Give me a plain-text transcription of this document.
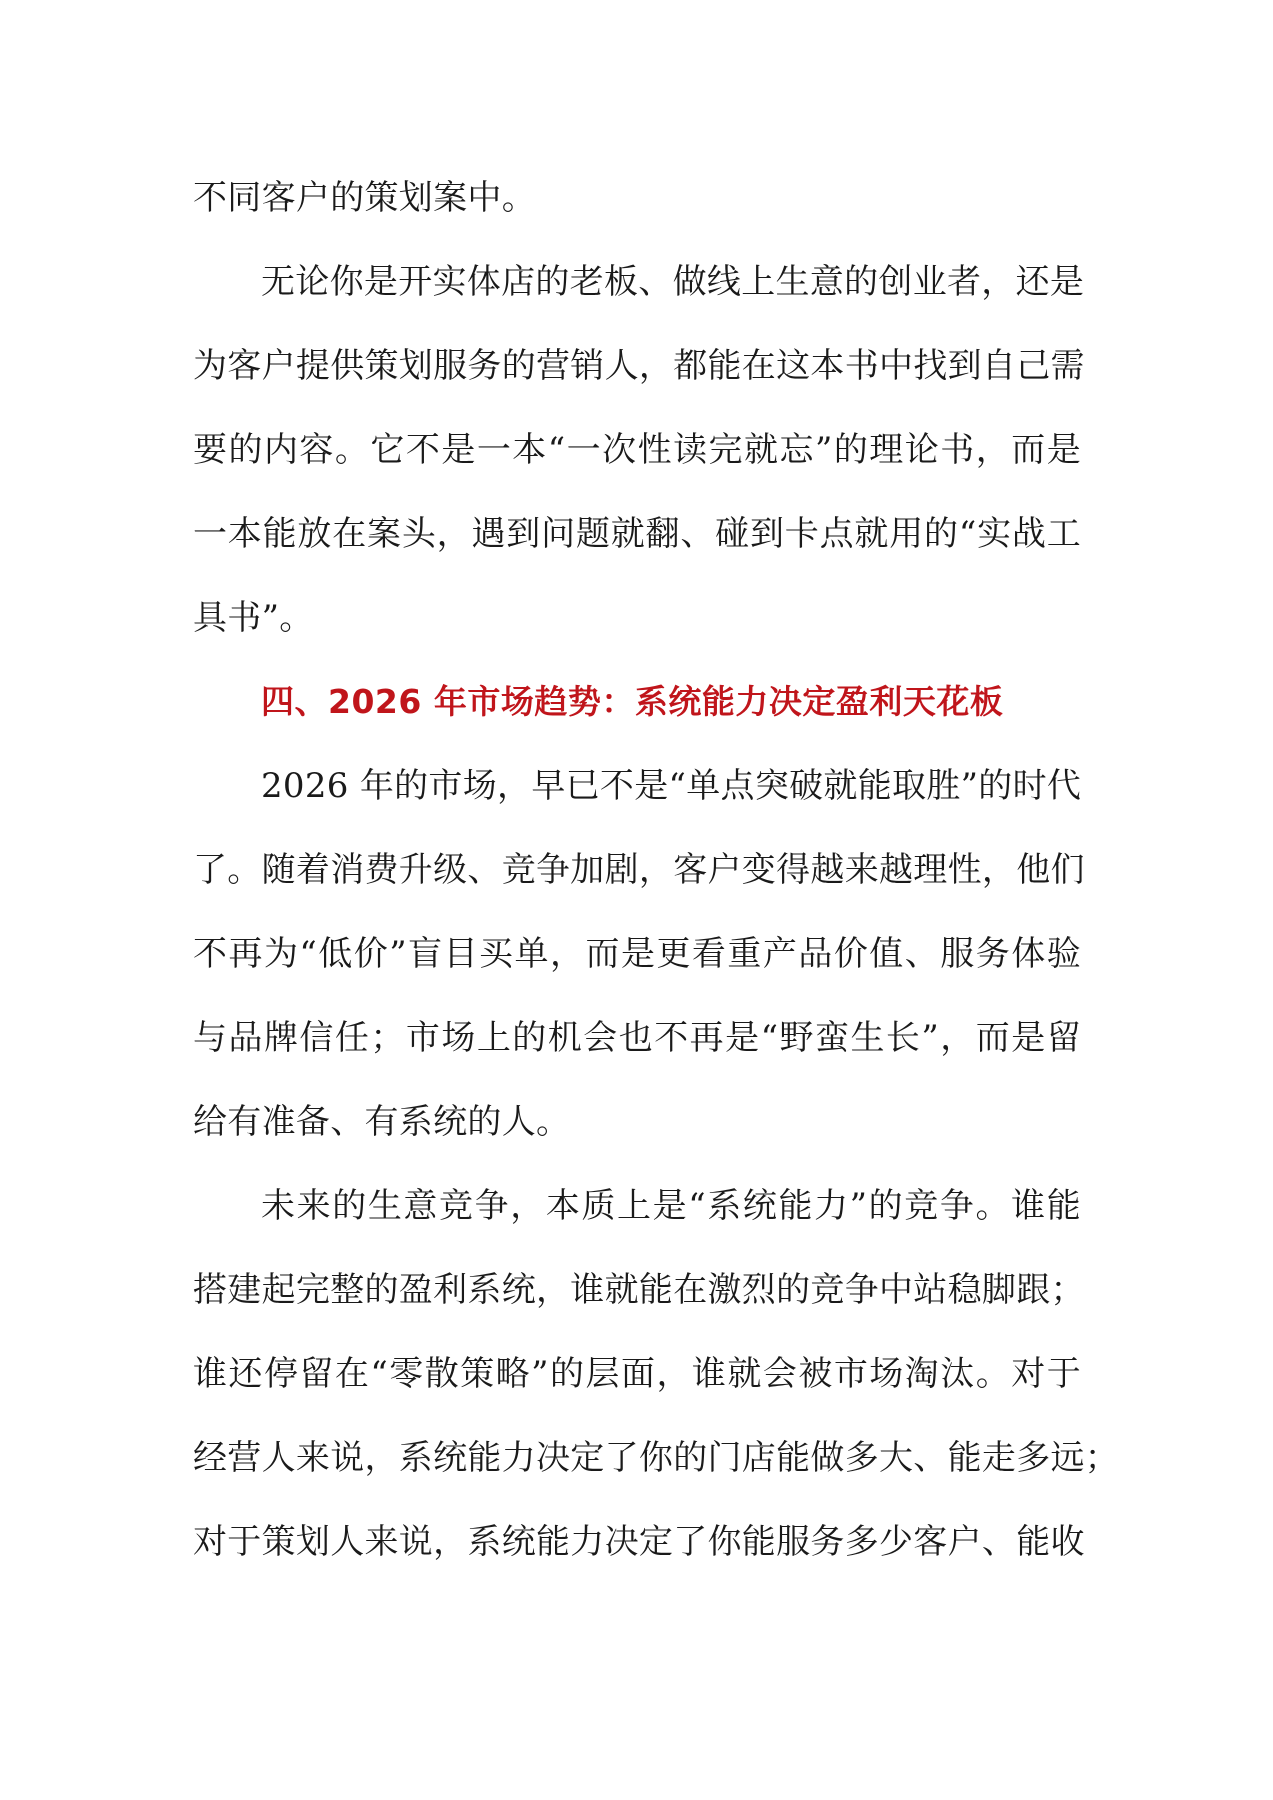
不同客户的策划案中。
无论你是开实体店的老板、做线上生意的创业者，还是
为客户提供策划服务的营销人，都能在这本书中找到自己需
要的内容。它不是一本“一次性读完就忘”的理论书，而是
一本能放在案头，遇到问题就翻、碰到卡点就用的“实战工
具书”。
四、2026 年市场趋势：系统能力决定盈利天花板
2026 年的市场，早已不是“单点突破就能取胜”的时代
了。随着消费升级、竞争加剧，客户变得越来越理性，他们
不再为“低价”盲目买单，而是更看重产品价值、服务体验
与品牌信任；市场上的机会也不再是“野蛮生长”，而是留
给有准备、有系统的人。
未来的生意竞争，本质上是“系统能力”的竞争。谁能
搭建起完整的盈利系统，谁就能在激烈的竞争中站稳脚跟；
谁还停留在“零散策略”的层面，谁就会被市场淘汰。对于
经营人来说，系统能力决定了你的门店能做多大、能走多远；
对于策划人来说，系统能力决定了你能服务多少客户、能收
